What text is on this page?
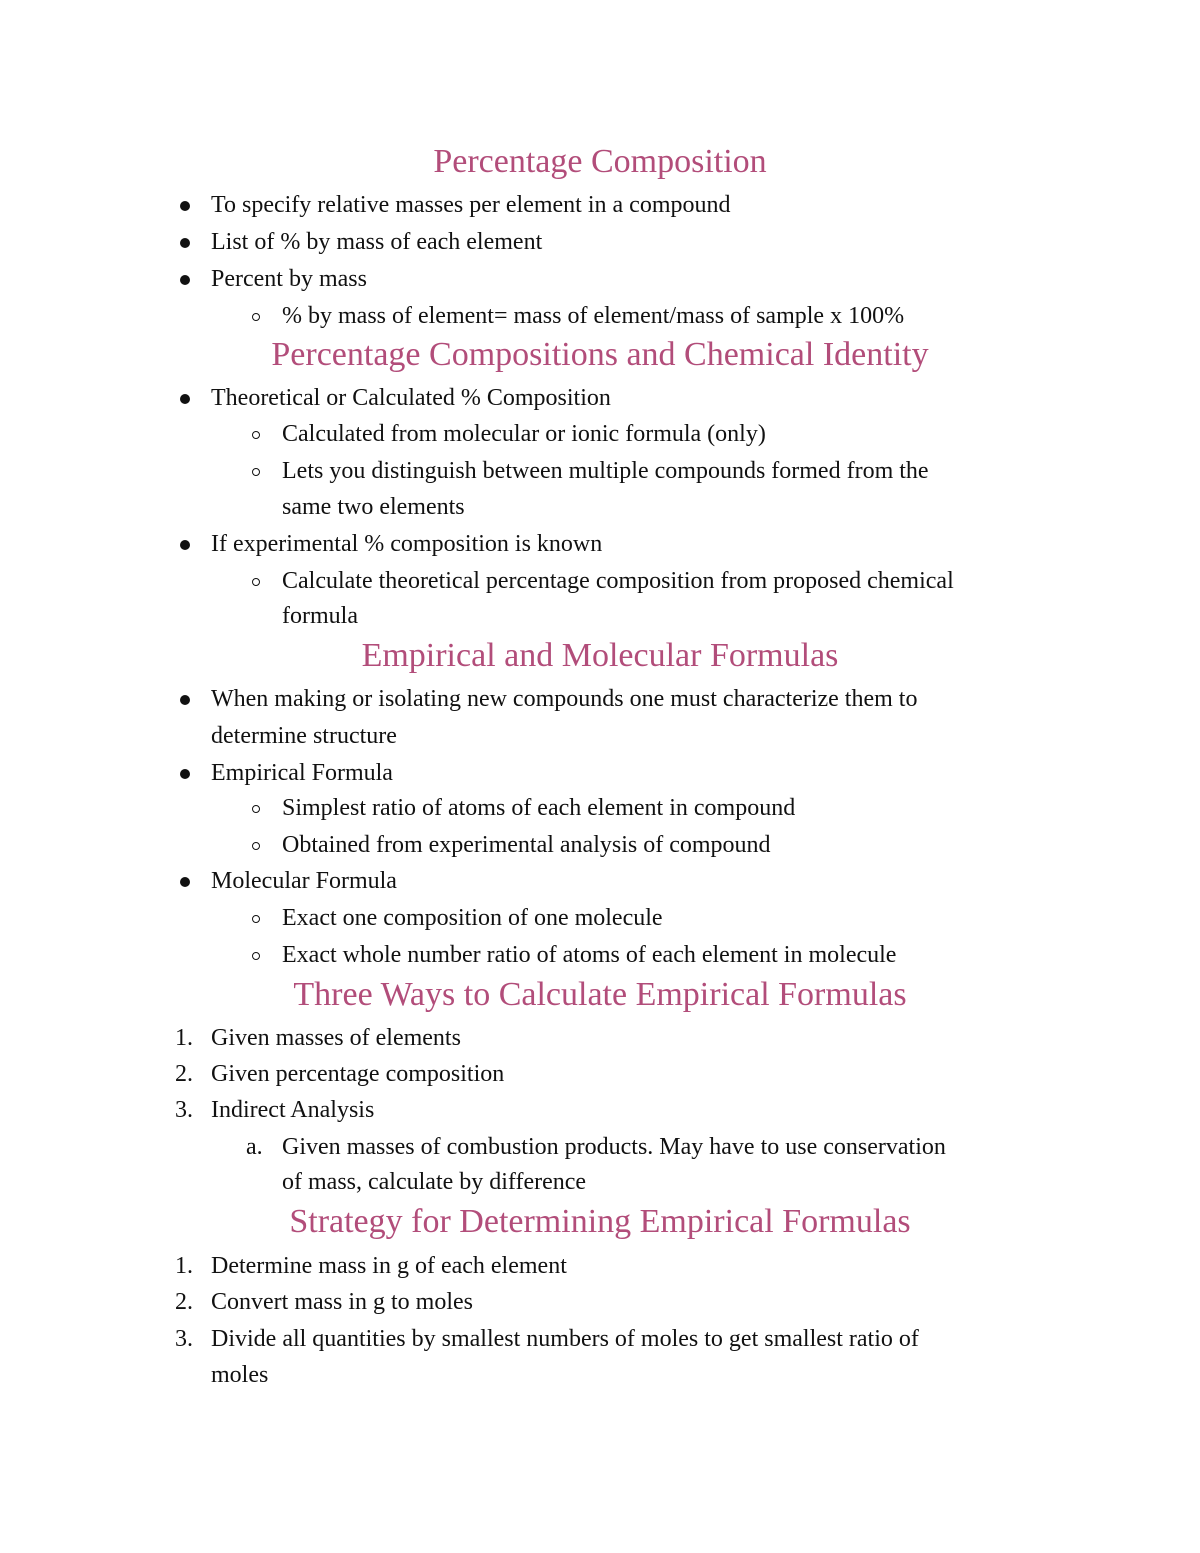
Percentage Composition
To specify relative masses per element in a compound
List of % by mass of each element
Percent by mass
% by mass of element= mass of element/mass of sample x 100%
Percentage Compositions and Chemical Identity
Theoretical or Calculated % Composition
Calculated from molecular or ionic formula (only)
Lets you distinguish between multiple compounds formed from the
same two elements
If experimental % composition is known
Calculate theoretical percentage composition from proposed chemical
formula
Empirical and Molecular Formulas
When making or isolating new compounds one must characterize them to
determine structure
Empirical Formula
Simplest ratio of atoms of each element in compound
Obtained from experimental analysis of compound
Molecular Formula
Exact one composition of one molecule
Exact whole number ratio of atoms of each element in molecule
Three Ways to Calculate Empirical Formulas
1. Given masses of elements
2. Given percentage composition
3. Indirect Analysis
a. Given masses of combustion products. May have to use conservation
of mass, calculate by difference
Strategy for Determining Empirical Formulas
1. Determine mass in g of each element
2. Convert mass in g to moles
3. Divide all quantities by smallest numbers of moles to get smallest ratio of
moles
